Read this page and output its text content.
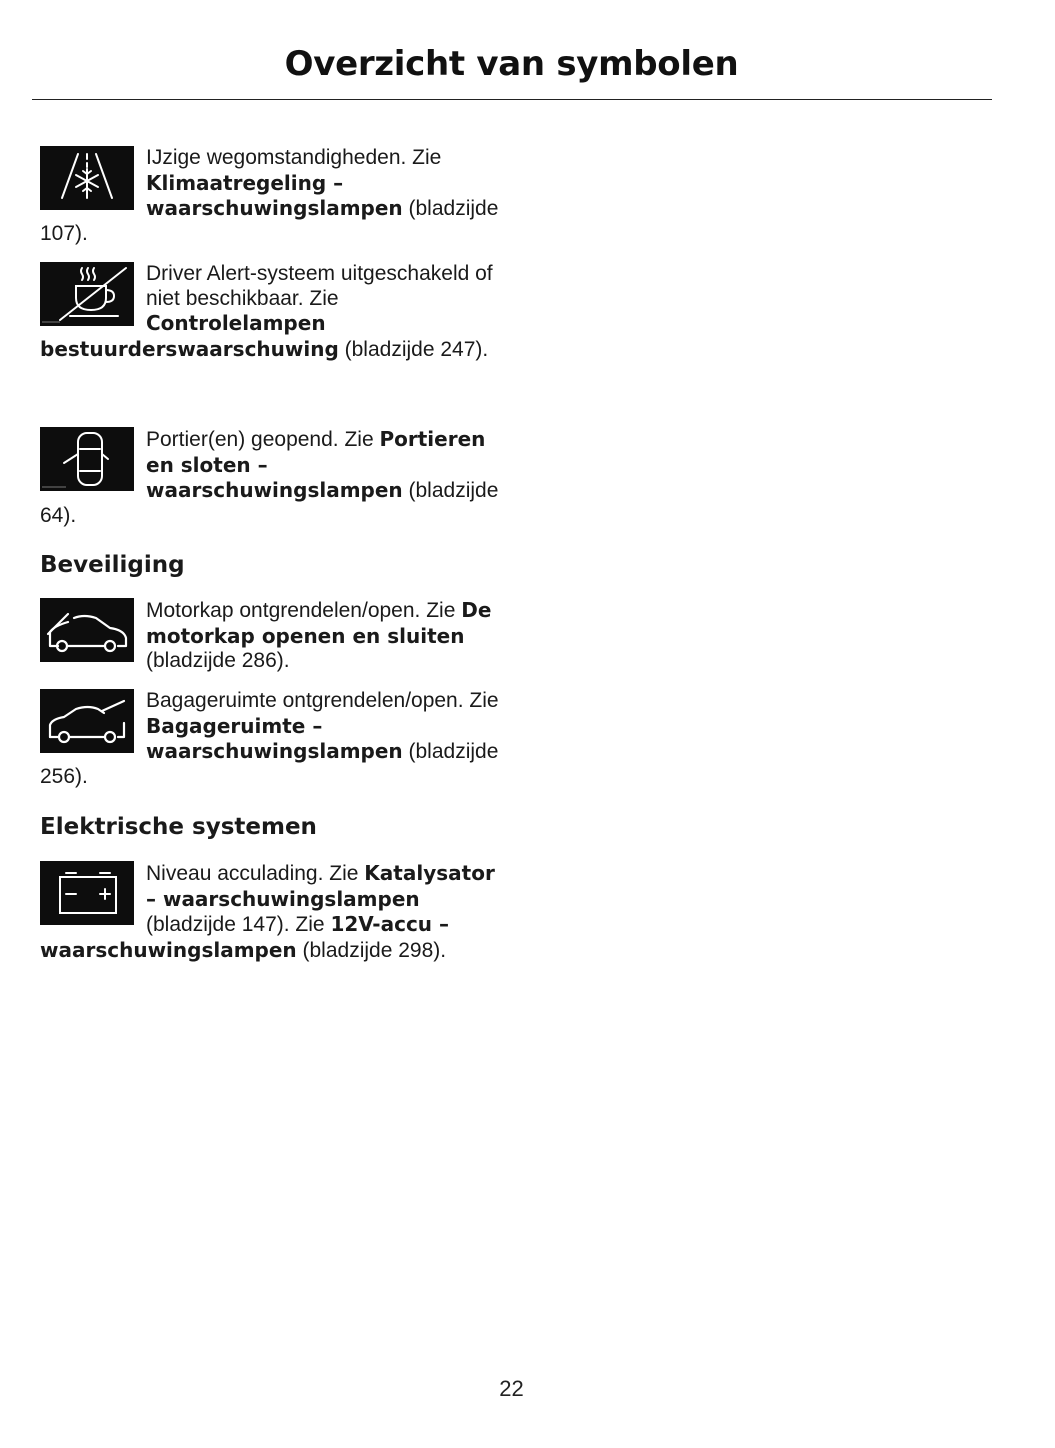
Overzicht van symbolen
IJzige wegomstandigheden. Zie Klimaatregeling – waarschuwingslampen (bladzijde 107).
Driver Alert-systeem uitgeschakeld of niet beschikbaar. Zie Controlelampen bestuurderswaarschuwing (bladzijde 247).
Portier(en) geopend. Zie Portieren en sloten – waarschuwingslampen (bladzijde 64).
Beveiliging
Motorkap ontgrendelen/open. Zie De motorkap openen en sluiten (bladzijde 286).
Bagageruimte ontgrendelen/open. Zie Bagageruimte – waarschuwingslampen (bladzijde 256).
Elektrische systemen
Niveau acculading. Zie Katalysator – waarschuwingslampen (bladzijde 147). Zie 12V-accu – waarschuwingslampen (bladzijde 298).
22
